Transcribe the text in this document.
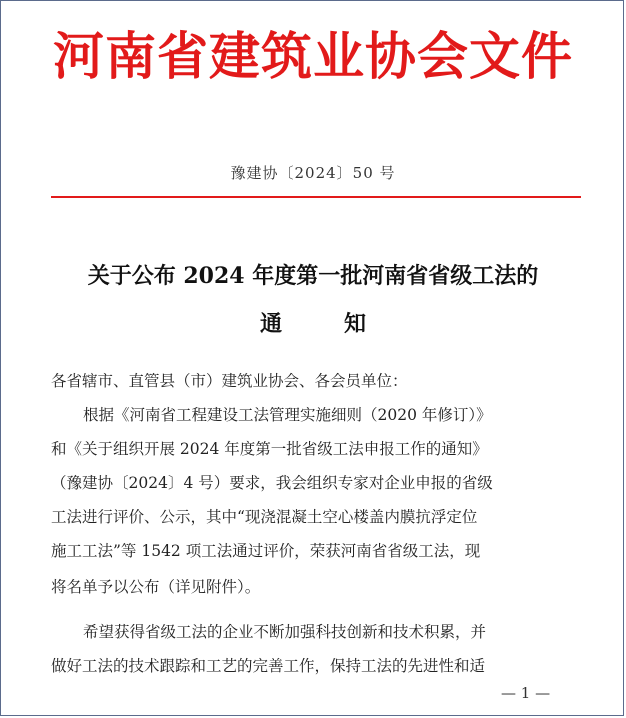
河南省建筑业协会文件
豫建协〔2024〕50 号
关于公布 2024 年度第一批河南省省级工法的
通知
各省辖市、直管县（市）建筑业协会、各会员单位：
根据《河南省工程建设工法管理实施细则（2020 年修订）》
和《关于组织开展 2024 年度第一批省级工法申报工作的通知》
（豫建协〔2024〕4 号）要求，我会组织专家对企业申报的省级
工法进行评价、公示，其中“现浇混凝土空心楼盖内膜抗浮定位
施工工法”等 1542 项工法通过评价，荣获河南省省级工法，现
将名单予以公布（详见附件）。
希望获得省级工法的企业不断加强科技创新和技术积累，并
做好工法的技术跟踪和工艺的完善工作，保持工法的先进性和适
— 1 —
